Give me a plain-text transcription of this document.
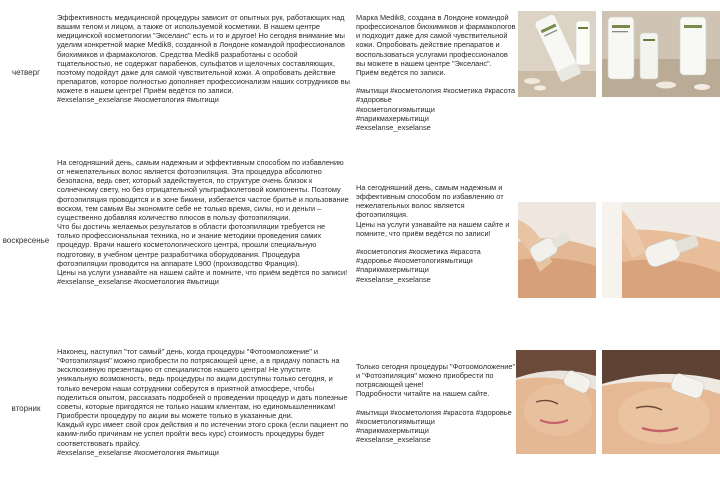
четверг
Эффективность медицинской процедуры зависит от опытных рук, работающих над вашим телом и лицом, а также от используемой косметики. В нашем центре медицинской косметологии "Экселанс" есть и то и другое! Но сегодня внимание мы уделим конкретной марке Medik8, созданной в Лондоне командой профессионалов биохимиков и фармакологов. Средства Medik8 разработаны с особой тщательностью, не содержат парабенов, сульфатов и щелочных составляющих, поэтому подойдут даже для самой чувствительной кожи. А опробовать действие препаратов, которое полностью дополняет профессионализм наших сотрудников вы можете в нашем центре! Приём ведётся по записи.
#exselanse_exselanse #косметология #мытищи
Марка Medik8, создана в Лондоне командой профессионалов биохимиков и фармакологов и подходит даже для самой чувствительной кожи. Опробовать действие препаратов и воспользоваться услугами профессионалов вы можете в нашем центре "Экселанс". Приём ведётся по записи.

#мытищи #косметология #косметика #красота #здоровье
#косметологиямытищи
#парикмахермытищи
#exselanse_exselanse
воскресенье
На сегодняшний день, самым надежным и эффективным способом по избавлению от нежелательных волос является фотоэпиляция. Эта процедура абсолютно безопасна, ведь свет, который задействуется, по структуре очень близок к солнечному свету, но без отрицательной ультрафиолетовой компоненты. Поэтому фотоэпиляция проводится и в зоне бикини, избегается частое бритьё и пользование воском, тем самым Вы экономите себе не только время, силы, но и деньги – существенно добавляя количество плюсов в пользу фотоэпиляции.
Что бы достичь желаемых результатов в области фотоэпиляции требуется не только профессиональная техника, но и знание методики проведения самих процедур. Врачи нашего косметологического центра, прошли специальную подготовку, в учебном центре разработчика оборудования. Процедура фотоэпиляции проводится на аппарате L900 (производство Франция).
Цены на услуги узнавайте на нашем сайте и помните, что приём ведётся по записи!
#exselanse_exselanse #косметология #мытищи
На сегодняшний день, самым надежным и эффективным способом по избавлению от нежелательных волос является фотоэпиляция.
Цены на услуги узнавайте на нашем сайте и помните, что приём ведётся по записи!

#косметология #косметика #красота #здоровье #косметологиямытищи
#парикмахермытищи
#exselanse_exselanse
вторник
Наконец, наступил "тот самый" день, когда процедуры "Фотоомоложение" и "Фотоэпиляция" можно приобрести по потрясающей цене, а в придачу попасть на эксклюзивную презентацию от специалистов нашего центра! Не упустите уникальную возможность, ведь процедуры по акции доступны только сегодня, и только вечером наши сотрудники соберутся в приятной атмосфере, чтобы поделиться опытом, рассказать подробней о проведении процедур и дать полезные советы, которые пригодятся не только нашим клиентам, но единомышленникам!
Приобрести процедуру по акции вы можете только в указанные дни.
Каждый курс имеет свой срок действия и по истечении этого срока (если пациент по каким-либо причинам не успел пройти весь курс) стоимость процедуры будет соответствовать прайсу.
#exselanse_exselanse #косметология #мытищи
Только сегодня процедуры "Фотоомоложение" и "Фотоэпиляция" можно приобрести по потрясающей цене!
Подробности читайте на нашем сайте.

#мытищи #косметология #красота #здоровье #косметологиямытищи
#парикмахермытищи
#exselanse_exselanse
